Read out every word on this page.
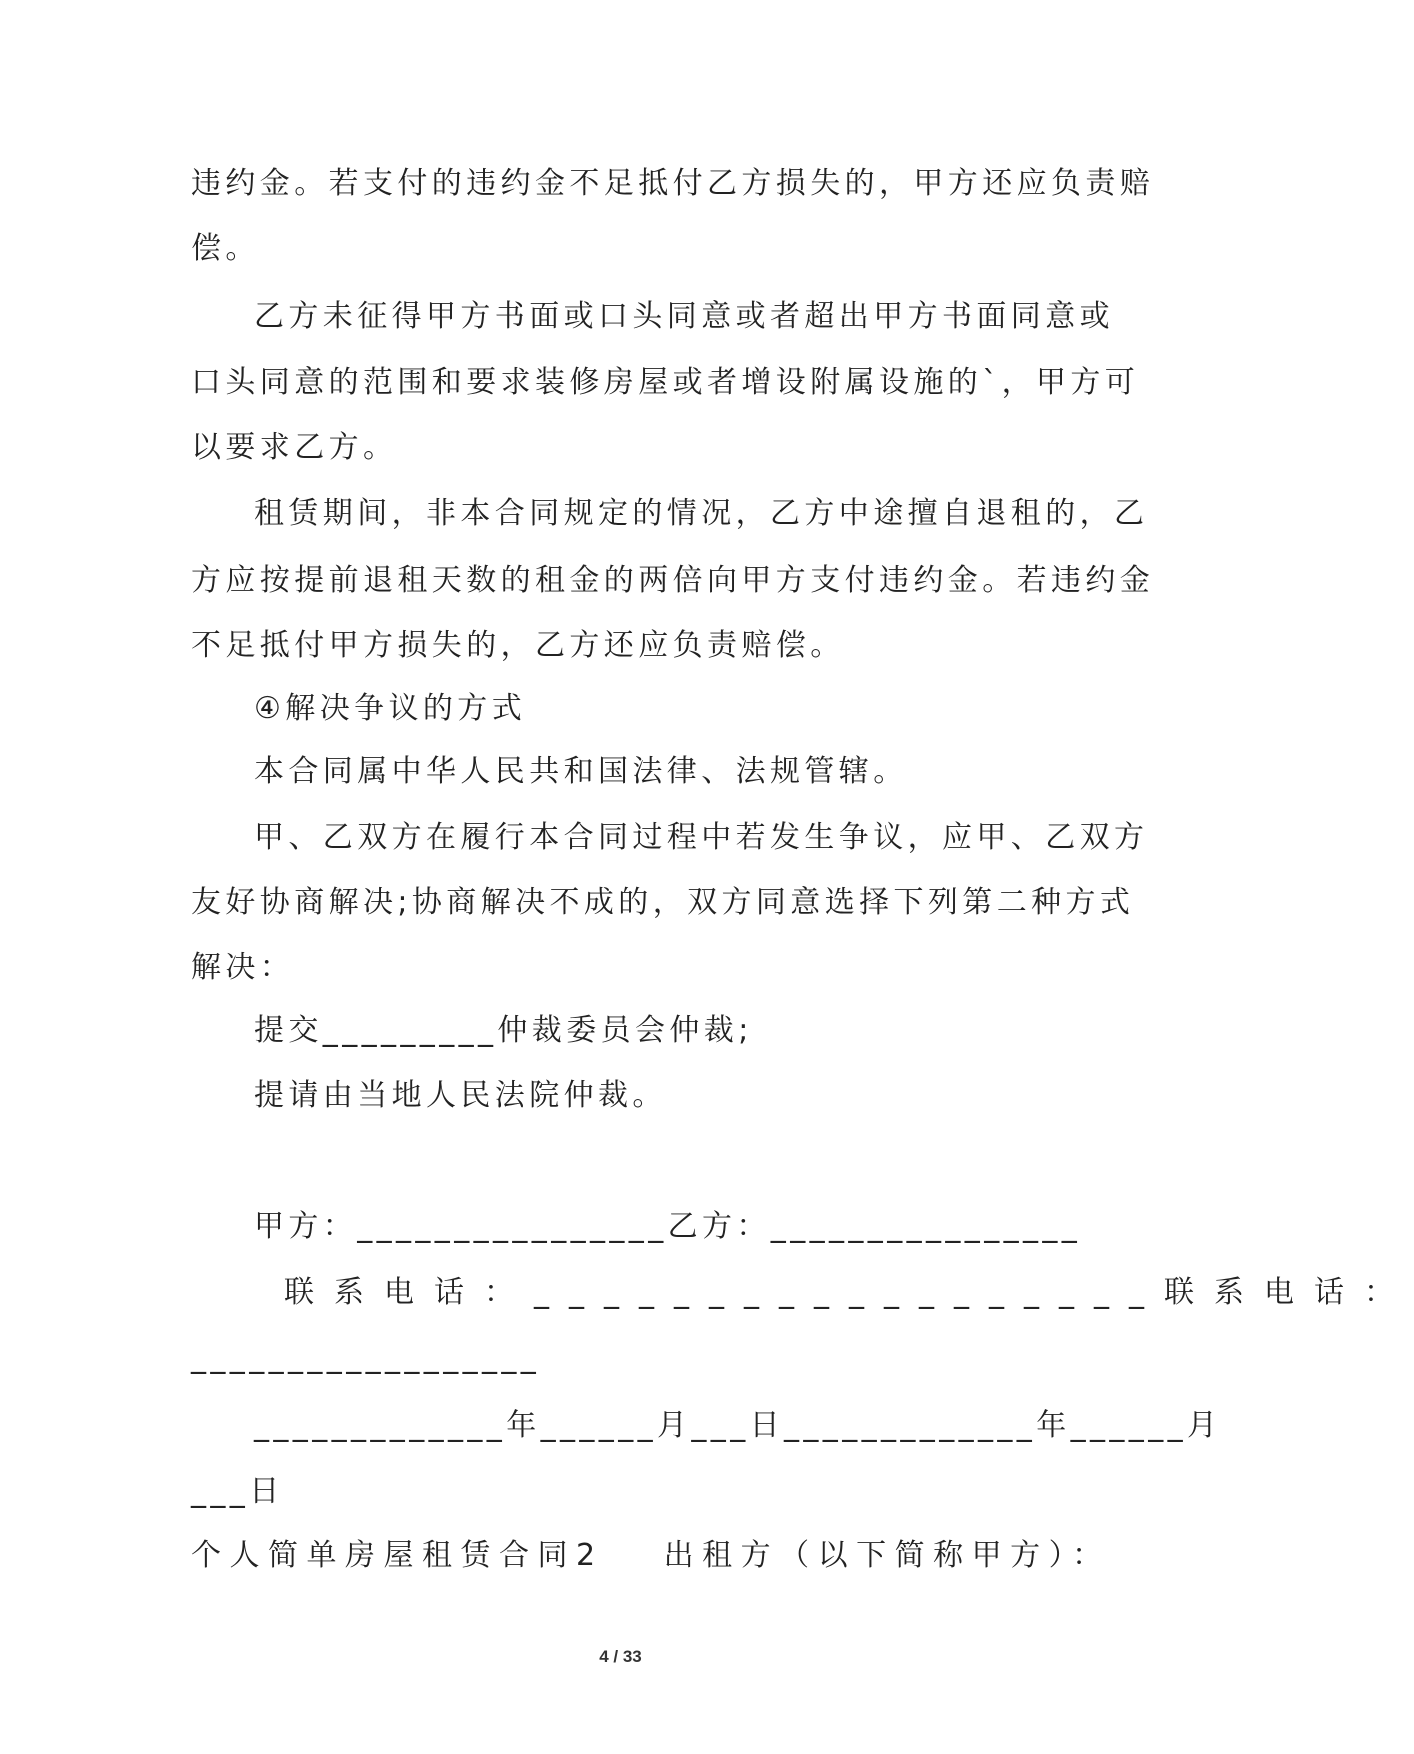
违约金。若支付的违约金不足抵付乙方损失的，甲方还应负责赔
偿。
乙方未征得甲方书面或口头同意或者超出甲方书面同意或
口头同意的范围和要求装修房屋或者增设附属设施的`，甲方可
以要求乙方。
租赁期间，非本合同规定的情况，乙方中途擅自退租的，乙
方应按提前退租天数的租金的两倍向甲方支付违约金。若违约金
不足抵付甲方损失的，乙方还应负责赔偿。
④解决争议的方式
本合同属中华人民共和国法律、法规管辖。
甲、乙双方在履行本合同过程中若发生争议，应甲、乙双方
友好协商解决;协商解决不成的，双方同意选择下列第二种方式
解决：
提交_________仲裁委员会仲裁;
提请由当地人民法院仲裁。
甲方：________________乙方：________________
联系电话：__________________联系电话：
__________________
_____________年______月___日_____________年______月
___日
个人简单房屋租赁合同2 出租方（以下简称甲方）：
4 / 33
